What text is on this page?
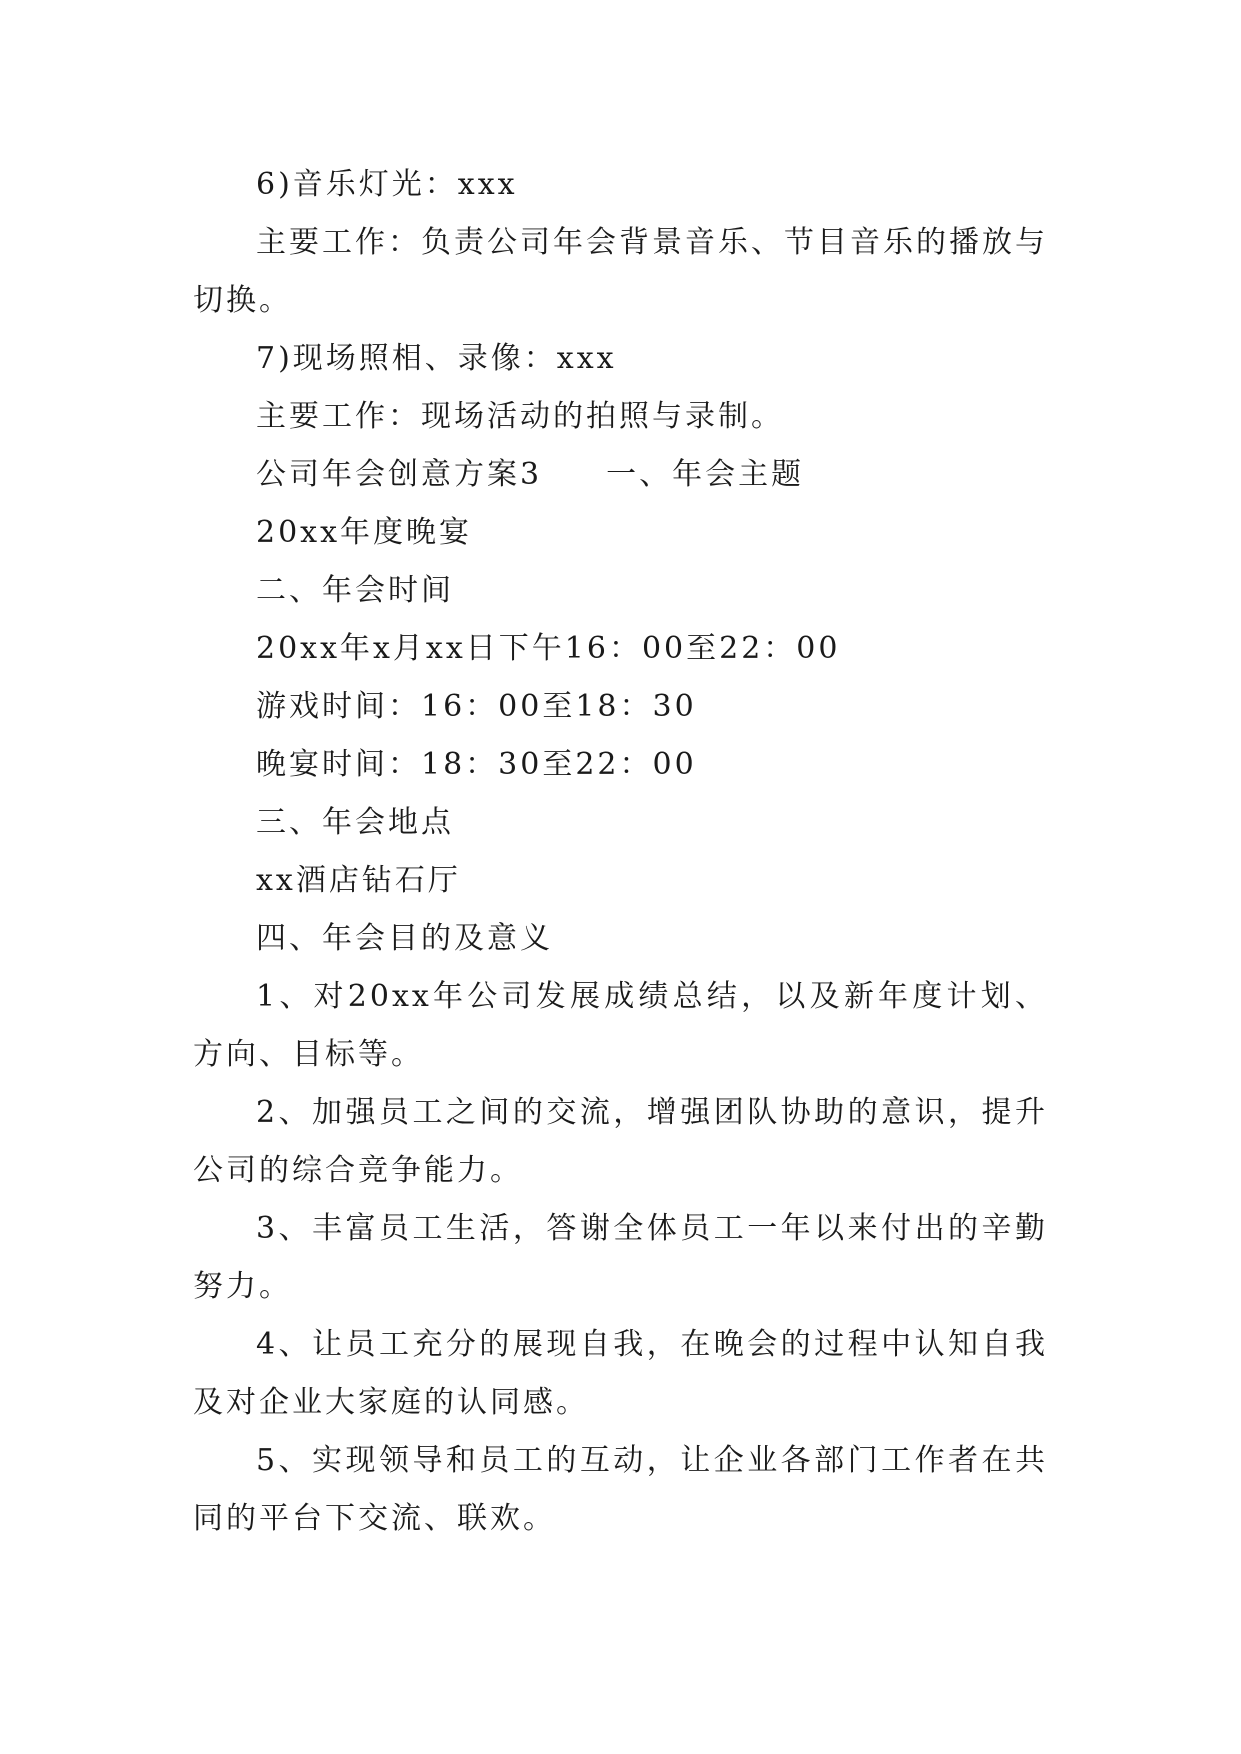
6)音乐灯光：xxx

主要工作：负责公司年会背景音乐、节目音乐的播放与切换。

7)现场照相、录像：xxx
主要工作：现场活动的拍照与录制。
公司年会创意方案3 一、年会主题
20xx年度晚宴
二、年会时间
20xx年x月xx日下午16：00至22：00
游戏时间：16：00至18：30
晚宴时间：18：30至22：00
三、年会地点
xx酒店钻石厅
四、年会目的及意义

1、对20xx年公司发展成绩总结，以及新年度计划、方向、目标等。

2、加强员工之间的交流，增强团队协助的意识，提升公司的综合竞争能力。

3、丰富员工生活，答谢全体员工一年以来付出的辛勤努力。

4、让员工充分的展现自我，在晚会的过程中认知自我及对企业大家庭的认同感。

5、实现领导和员工的互动，让企业各部门工作者在共同的平台下交流、联欢。
